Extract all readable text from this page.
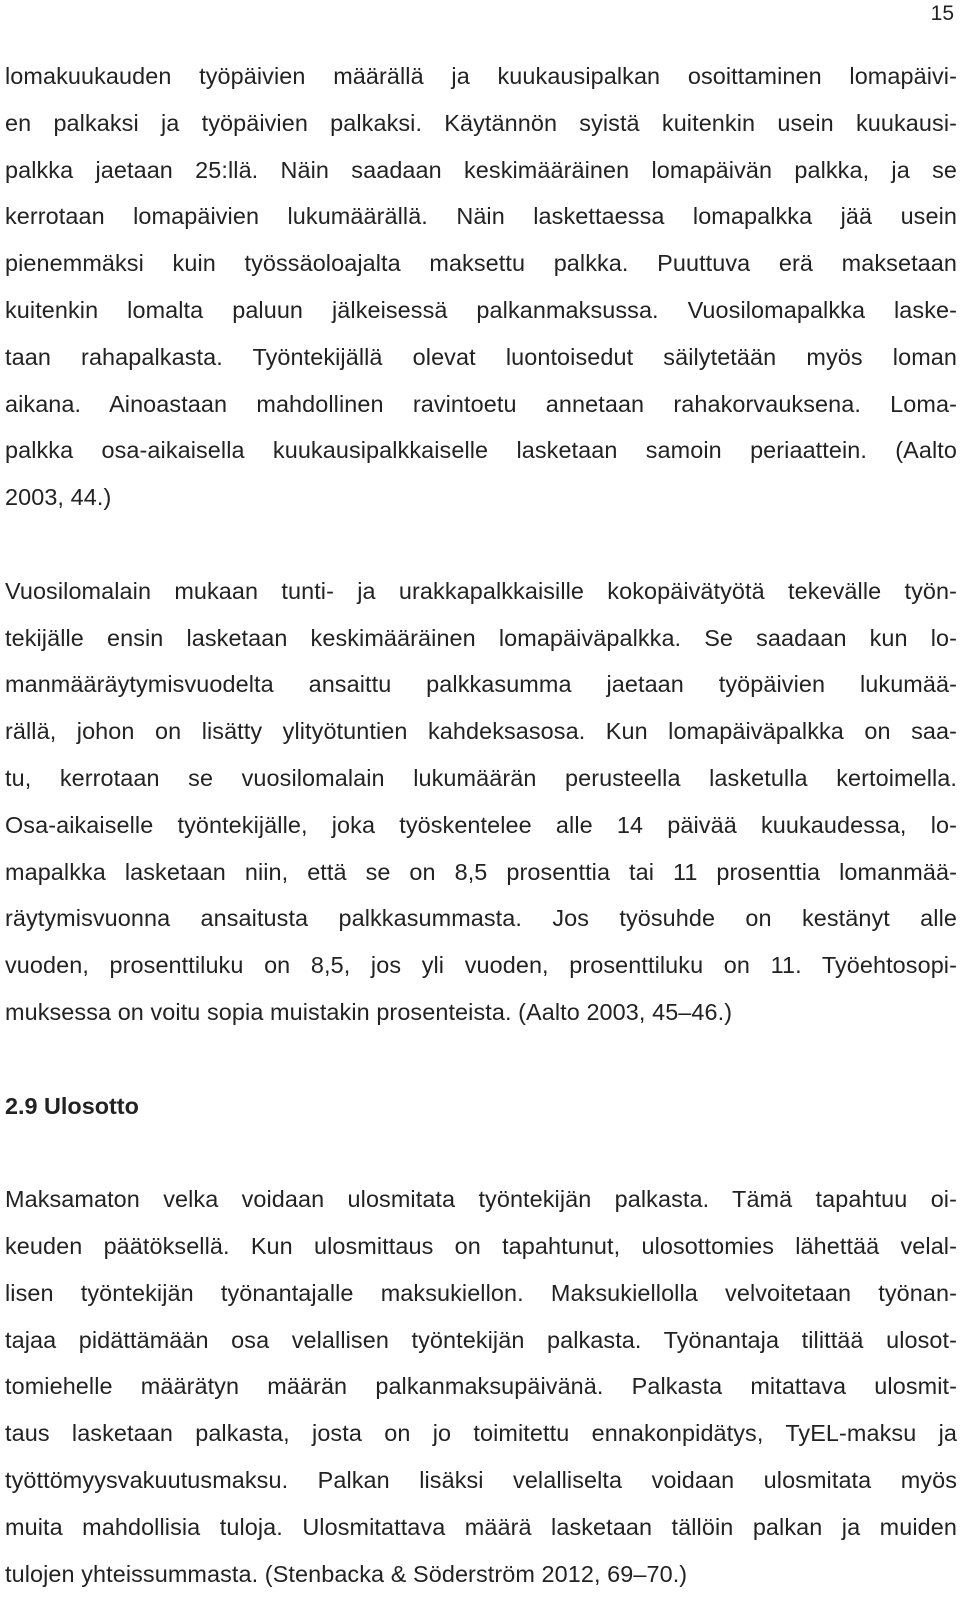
15
lomakuukauden työpäivien määrällä ja kuukausipalkan osoittaminen lomapäivi-
en palkaksi ja työpäivien palkaksi. Käytännön syistä kuitenkin usein kuukausi-
palkka jaetaan 25:llä. Näin saadaan keskimääräinen lomapäivän palkka, ja se
kerrotaan lomapäivien lukumäärällä. Näin laskettaessa lomapalkka jää usein
pienemmäksi kuin työssäoloajalta maksettu palkka. Puuttuva erä maksetaan
kuitenkin lomalta paluun jälkeisessä palkanmaksussa. Vuosilomapalkka laske-
taan rahapalkasta. Työntekijällä olevat luontoisedut säilytetään myös loman
aikana. Ainoastaan mahdollinen ravintoetu annetaan rahakorvauksena. Loma-
palkka osa-aikaisella kuukausipalkkaiselle lasketaan samoin periaattein. (Aalto
2003, 44.)
Vuosilomalain mukaan tunti- ja urakkapalkkaisille kokopäivätyötä tekevälle työn-
tekijälle ensin lasketaan keskimääräinen lomapäiväpalkka. Se saadaan kun lo-
manmääräytymisvuodelta ansaittu palkkasumma jaetaan työpäivien lukumää-
rällä, johon on lisätty ylityötuntien kahdeksasosa. Kun lomapäiväpalkka on saa-
tu, kerrotaan se vuosilomalain lukumäärän perusteella lasketulla kertoimella.
Osa-aikaiselle työntekijälle, joka työskentelee alle 14 päivää kuukaudessa, lo-
mapalkka lasketaan niin, että se on 8,5 prosenttia tai 11 prosenttia lomanmää-
räytymisvuonna ansaitusta palkkasummasta. Jos työsuhde on kestänyt alle
vuoden, prosenttiluku on 8,5, jos yli vuoden, prosenttiluku on 11. Työehtosopi-
muksessa on voitu sopia muistakin prosenteista. (Aalto 2003, 45–46.)
2.9 Ulosotto
Maksamaton velka voidaan ulosmitata työntekijän palkasta. Tämä tapahtuu oi-
keuden päätöksellä. Kun ulosmittaus on tapahtunut, ulosottomies lähettää velal-
lisen työntekijän työnantajalle maksukiellon. Maksukiellolla velvoitetaan työnan-
tajaa pidättämään osa velallisen työntekijän palkasta. Työnantaja tilittää ulosot-
tomiehelle määrätyn määrän palkanmaksupäivänä. Palkasta mitattava ulosmit-
taus lasketaan palkasta, josta on jo toimitettu ennakonpidätys, TyEL-maksu ja
työttömyysvakuutusmaksu. Palkan lisäksi velalliselta voidaan ulosmitata myös
muita mahdollisia tuloja. Ulosmitattava määrä lasketaan tällöin palkan ja muiden
tulojen yhteissummasta. (Stenbacka & Söderström 2012, 69–70.)
